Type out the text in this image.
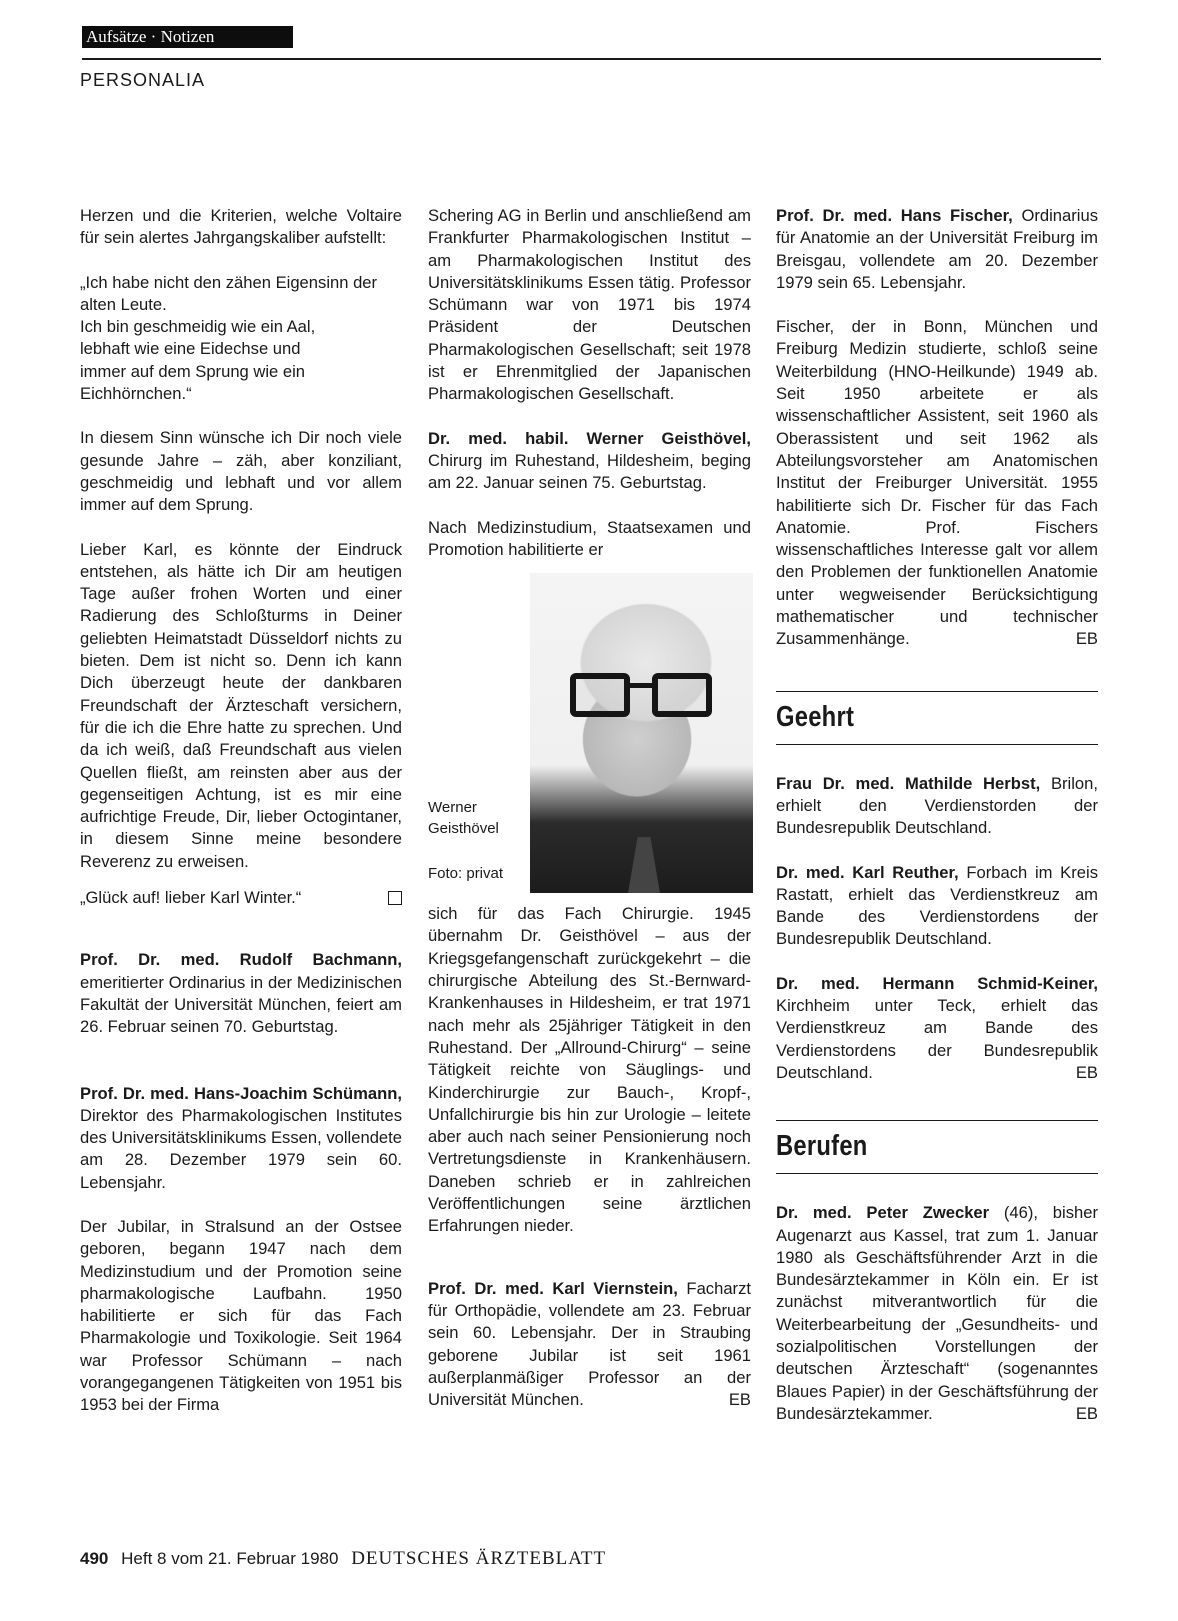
Aufsätze · Notizen
PERSONALIA

Herzen und die Kriterien, welche Voltaire für sein alertes Jahrgangskaliber aufstellt:

„Ich habe nicht den zähen Eigensinn der alten Leute.
Ich bin geschmeidig wie ein Aal,
lebhaft wie eine Eidechse und
immer auf dem Sprung wie ein Eichhörnchen.“

In diesem Sinn wünsche ich Dir noch viele gesunde Jahre – zäh, aber konziliant, geschmeidig und lebhaft und vor allem immer auf dem Sprung.

Lieber Karl, es könnte der Eindruck entstehen, als hätte ich Dir am heutigen Tage außer frohen Worten und einer Radierung des Schloßturms in Deiner geliebten Heimatstadt Düsseldorf nichts zu bieten. Dem ist nicht so. Denn ich kann Dich überzeugt heute der dankbaren Freundschaft der Ärzteschaft versichern, für die ich die Ehre hatte zu sprechen. Und da ich weiß, daß Freundschaft aus vielen Quellen fließt, am reinsten aber aus der gegenseitigen Achtung, ist es mir eine aufrichtige Freude, Dir, lieber Octogintaner, in diesem Sinne meine besondere Reverenz zu erweisen.

„Glück auf! lieber Karl Winter.“

Prof. Dr. med. Rudolf Bachmann, emeritierter Ordinarius in der Medizinischen Fakultät der Universität München, feiert am 26. Februar seinen 70. Geburtstag.

Prof. Dr. med. Hans-Joachim Schümann, Direktor des Pharmakologischen Institutes des Universitätsklinikums Essen, vollendete am 28. Dezember 1979 sein 60. Lebensjahr.

Der Jubilar, in Stralsund an der Ostsee geboren, begann 1947 nach dem Medizinstudium und der Promotion seine pharmakologische Laufbahn. 1950 habilitierte er sich für das Fach Pharmakologie und Toxikologie. Seit 1964 war Professor Schümann – nach vorangegangenen Tätigkeiten von 1951 bis 1953 bei der Firma

Schering AG in Berlin und anschließend am Frankfurter Pharmakologischen Institut – am Pharmakologischen Institut des Universitätsklinikums Essen tätig. Professor Schümann war von 1971 bis 1974 Präsident der Deutschen Pharmakologischen Gesellschaft; seit 1978 ist er Ehrenmitglied der Japanischen Pharmakologischen Gesellschaft.

Dr. med. habil. Werner Geisthövel, Chirurg im Ruhestand, Hildesheim, beging am 22. Januar seinen 75. Geburtstag.

Nach Medizinstudium, Staatsexamen und Promotion habilitierte er

Werner
Geisthövel
Foto: privat

sich für das Fach Chirurgie. 1945 übernahm Dr. Geisthövel – aus der Kriegsgefangenschaft zurückgekehrt – die chirurgische Abteilung des St.-Bernward-Krankenhauses in Hildesheim, er trat 1971 nach mehr als 25jähriger Tätigkeit in den Ruhestand. Der „Allround-Chirurg“ – seine Tätigkeit reichte von Säuglings- und Kinderchirurgie zur Bauch-, Kropf-, Unfallchirurgie bis hin zur Urologie – leitete aber auch nach seiner Pensionierung noch Vertretungsdienste in Krankenhäusern. Daneben schrieb er in zahlreichen Veröffentlichungen seine ärztlichen Erfahrungen nieder.

Prof. Dr. med. Karl Viernstein, Facharzt für Orthopädie, vollendete am 23. Februar sein 60. Lebensjahr. Der in Straubing geborene Jubilar ist seit 1961 außerplanmäßiger Professor an der Universität München.	EB

Prof. Dr. med. Hans Fischer, Ordinarius für Anatomie an der Universität Freiburg im Breisgau, vollendete am 20. Dezember 1979 sein 65. Lebensjahr.

Fischer, der in Bonn, München und Freiburg Medizin studierte, schloß seine Weiterbildung (HNO-Heilkunde) 1949 ab. Seit 1950 arbeitete er als wissenschaftlicher Assistent, seit 1960 als Oberassistent und seit 1962 als Abteilungsvorsteher am Anatomischen Institut der Freiburger Universität. 1955 habilitierte sich Dr. Fischer für das Fach Anatomie. Prof. Fischers wissenschaftliches Interesse galt vor allem den Problemen der funktionellen Anatomie unter wegweisender Berücksichtigung mathematischer und technischer Zusammenhänge.	EB

Geehrt

Frau Dr. med. Mathilde Herbst, Brilon, erhielt den Verdienstorden der Bundesrepublik Deutschland.

Dr. med. Karl Reuther, Forbach im Kreis Rastatt, erhielt das Verdienstkreuz am Bande des Verdienstordens der Bundesrepublik Deutschland.

Dr. med. Hermann Schmid-Keiner, Kirchheim unter Teck, erhielt das Verdienstkreuz am Bande des Verdienstordens der Bundesrepublik Deutschland.	EB

Berufen

Dr. med. Peter Zwecker (46), bisher Augenarzt aus Kassel, trat zum 1. Januar 1980 als Geschäftsführender Arzt in die Bundesärztekammer in Köln ein. Er ist zunächst mitverantwortlich für die Weiterbearbeitung der „Gesundheits- und sozialpolitischen Vorstellungen der deutschen Ärzteschaft“ (sogenanntes Blaues Papier) in der Geschäftsführung der Bundesärztekammer.	EB

490 Heft 8 vom 21. Februar 1980 DEUTSCHES ÄRZTEBLATT
